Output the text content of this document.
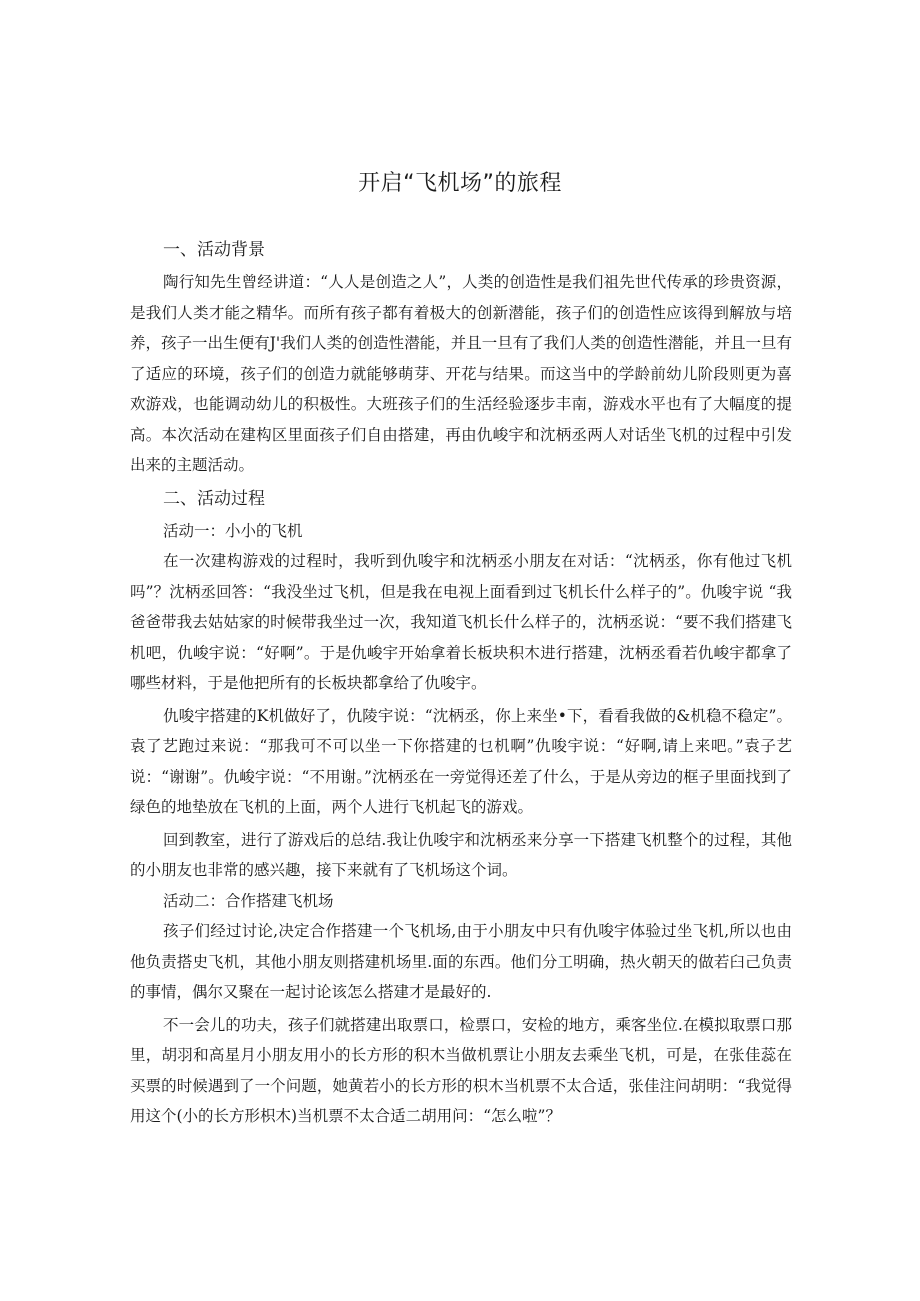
开启“飞机场”的旅程
一、活动背景

陶行知先生曾经讲道：“人人是创造之人”，人类的创造性是我们祖先世代传承的珍贵资源，是我们人类才能之精华。而所有孩子都有着极大的创新潜能，孩子们的创造性应该得到解放与培养，孩子一出生便有J'我们人类的创造性潜能，并且一旦有了我们人类的创造性潜能，并且一旦有了适应的环境，孩子们的创造力就能够萌芽、开花与结果。而这当中的学龄前幼儿阶段则更为喜欢游戏，也能调动幼儿的积极性。大班孩子们的生活经验逐步丰南，游戏水平也有了大幅度的提高。本次活动在建构区里面孩子们自由搭建，再由仇峻宇和沈柄丞两人对话坐飞机的过程中引发出来的主题活动。

二、活动过程

活动一：小小的飞机

在一次建构游戏的过程时，我听到仇唆宇和沈柄丞小朋友在对话：“沈柄丞，你有他过飞机吗”？沈柄丞回答：“我没坐过飞机，但是我在电视上面看到过飞机长什么样子的”。仇唆宇说 “我爸爸带我去姑姑家的时候带我坐过一次，我知道飞机长什么样子的，沈柄丞说：“要不我们搭建飞机吧，仇峻宇说：“好啊”。于是仇峻宇开始拿着长板块积木进行搭建，沈柄丞看若仇峻宇都拿了哪些材料，于是他把所有的长板块都拿给了仇唆宇。

仇唆宇搭建的K机做好了，仇陵宇说：“沈柄丞，你上来坐•下，看看我做的&机稳不稳定”。袁了艺跑过来说：“那我可不可以坐一下你搭建的乜机啊”仇唆宇说：“好啊,请上来吧。”袁子艺说：“谢谢”。仇峻宇说：“不用谢。”沈柄丞在一旁觉得还差了什么，于是从旁边的框子里面找到了绿色的地垫放在飞机的上面，两个人进行飞机起飞的游戏。

回到教室，进行了游戏后的总结.我让仇唆宇和沈柄丞来分享一下搭建飞机整个的过程，其他的小朋友也非常的感兴趣，接下来就有了飞机场这个词。

活动二：合作搭建飞机场

孩子们经过讨论,决定合作搭建一个飞机场,由于小朋友中只有仇唆宇体验过坐飞机,所以也由他负责搭史飞机，其他小朋友则搭建机场里.面的东西。他们分工明确，热火朝天的做若臼己负责的事情，偶尔又聚在一起讨论该怎么搭建才是最好的.

不一会儿的功夫，孩子们就搭建出取票口，检票口，安检的地方，乘客坐位.在模拟取票口那里，胡羽和高星月小朋友用小的长方形的积木当做机票让小朋友去乘坐飞机，可是，在张佳蕊在买票的时候遇到了一个问题，她黄若小的长方形的枳木当机票不太合适，张佳注问胡明：“我觉得用这个(小的长方形枳木)当机票不太合适二胡用问：“怎么啦”？
